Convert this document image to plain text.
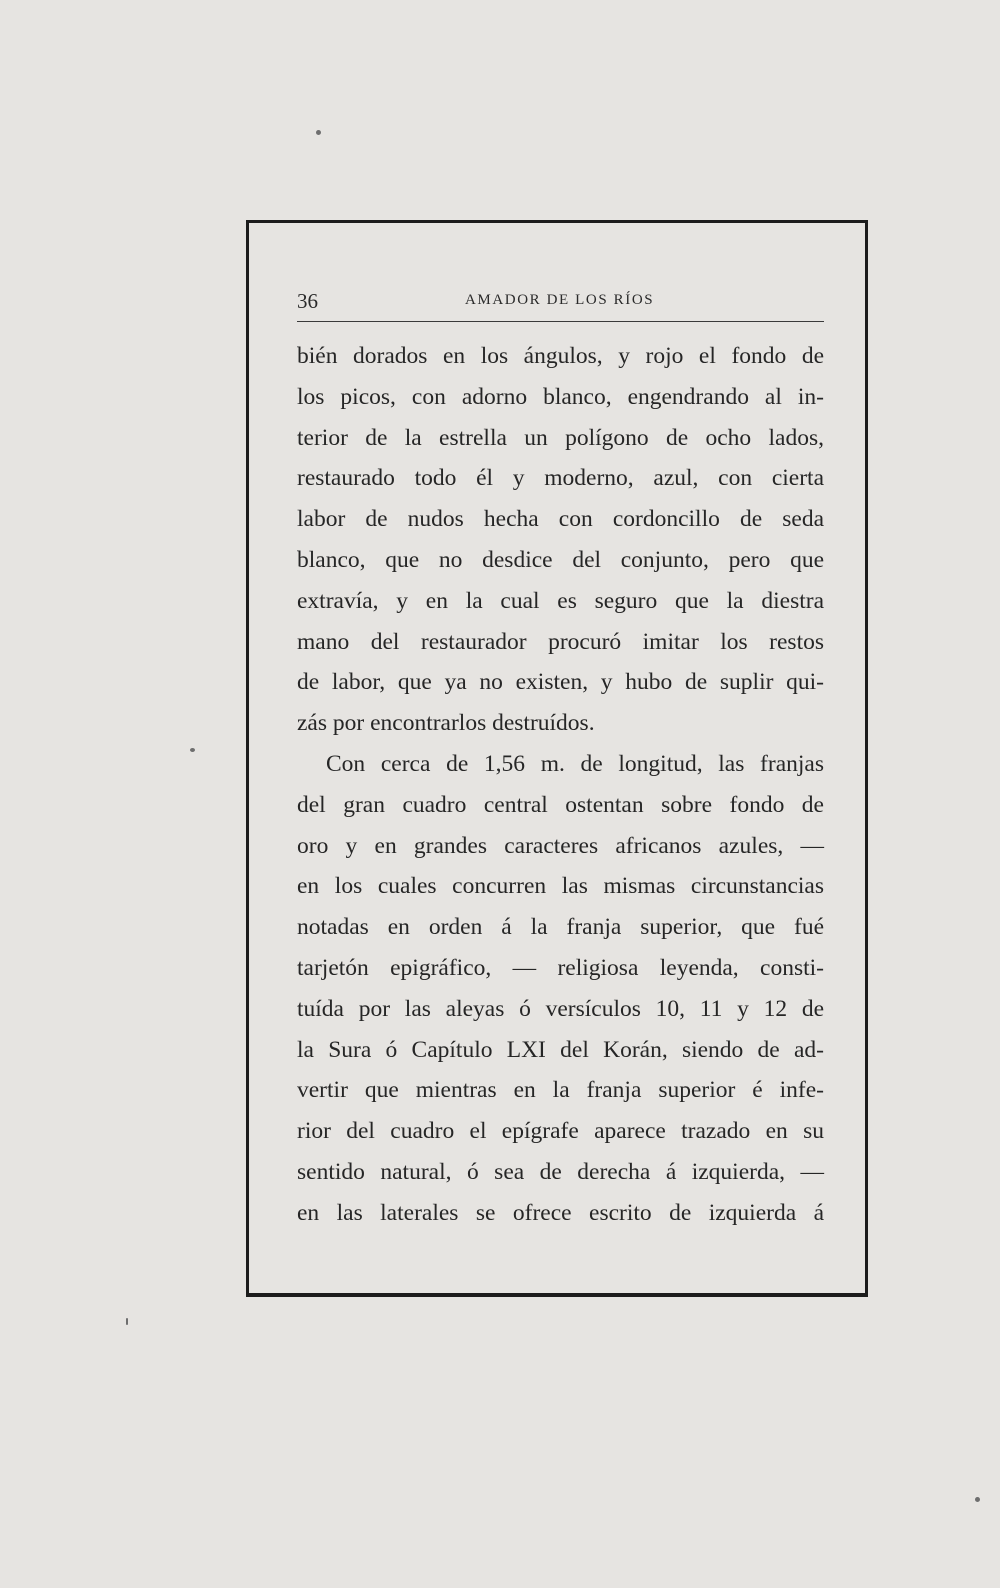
36	AMADOR DE LOS RÍOS
bién dorados en los ángulos, y rojo el fondo de
los picos, con adorno blanco, engendrando al in-
terior de la estrella un polígono de ocho lados,
restaurado todo él y moderno, azul, con cierta
labor de nudos hecha con cordoncillo de seda
blanco, que no desdice del conjunto, pero que
extravía, y en la cual es seguro que la diestra
mano del restaurador procuró imitar los restos
de labor, que ya no existen, y hubo de suplir qui-
zás por encontrarlos destruídos.
Con cerca de 1,56 m. de longitud, las franjas
del gran cuadro central ostentan sobre fondo de
oro y en grandes caracteres africanos azules, —
en los cuales concurren las mismas circunstancias
notadas en orden á la franja superior, que fué
tarjetón epigráfico, — religiosa leyenda, consti-
tuída por las aleyas ó versículos 10, 11 y 12 de
la Sura ó Capítulo LXI del Korán, siendo de ad-
vertir que mientras en la franja superior é infe-
rior del cuadro el epígrafe aparece trazado en su
sentido natural, ó sea de derecha á izquierda, —
en las laterales se ofrece escrito de izquierda á
